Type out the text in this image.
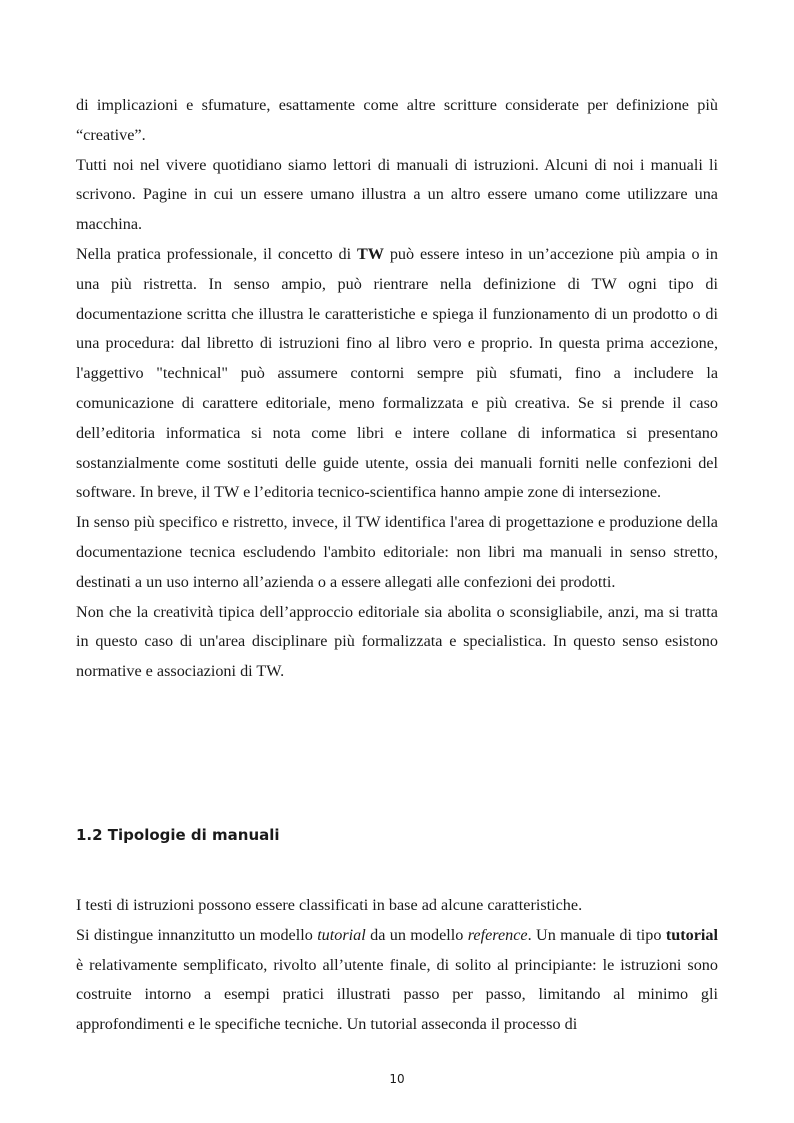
di implicazioni e sfumature, esattamente come altre scritture considerate per definizione più “creative”.

Tutti noi nel vivere quotidiano siamo lettori di manuali di istruzioni. Alcuni di noi i manuali li scrivono. Pagine in cui un essere umano illustra a un altro essere umano come utilizzare una macchina.

Nella pratica professionale, il concetto di TW può essere inteso in un’accezione più ampia o in una più ristretta. In senso ampio, può rientrare nella definizione di TW ogni tipo di documentazione scritta che illustra le caratteristiche e spiega il funzionamento di un prodotto o di una procedura: dal libretto di istruzioni fino al libro vero e proprio. In questa prima accezione, l'aggettivo "technical" può assumere contorni sempre più sfumati, fino a includere la comunicazione di carattere editoriale, meno formalizzata e più creativa. Se si prende il caso dell’editoria informatica si nota come libri e intere collane di informatica si presentano sostanzialmente come sostituti delle guide utente, ossia dei manuali forniti nelle confezioni del software. In breve, il TW e l’editoria tecnico-scientifica hanno ampie zone di intersezione.

In senso più specifico e ristretto, invece, il TW identifica l'area di progettazione e produzione della documentazione tecnica escludendo l'ambito editoriale: non libri ma manuali in senso stretto, destinati a un uso interno all’azienda o a essere allegati alle confezioni dei prodotti.

Non che la creatività tipica dell’approccio editoriale sia abolita o sconsigliabile, anzi, ma si tratta in questo caso di un'area disciplinare più formalizzata e specialistica. In questo senso esistono normative e associazioni di TW.

1.2 Tipologie di manuali

I testi di istruzioni possono essere classificati in base ad alcune caratteristiche.

Si distingue innanzitutto un modello tutorial da un modello reference. Un manuale di tipo tutorial è relativamente semplificato, rivolto all’utente finale, di solito al principiante: le istruzioni sono costruite intorno a esempi pratici illustrati passo per passo, limitando al minimo gli approfondimenti e le specifiche tecniche. Un tutorial asseconda il processo di

10
